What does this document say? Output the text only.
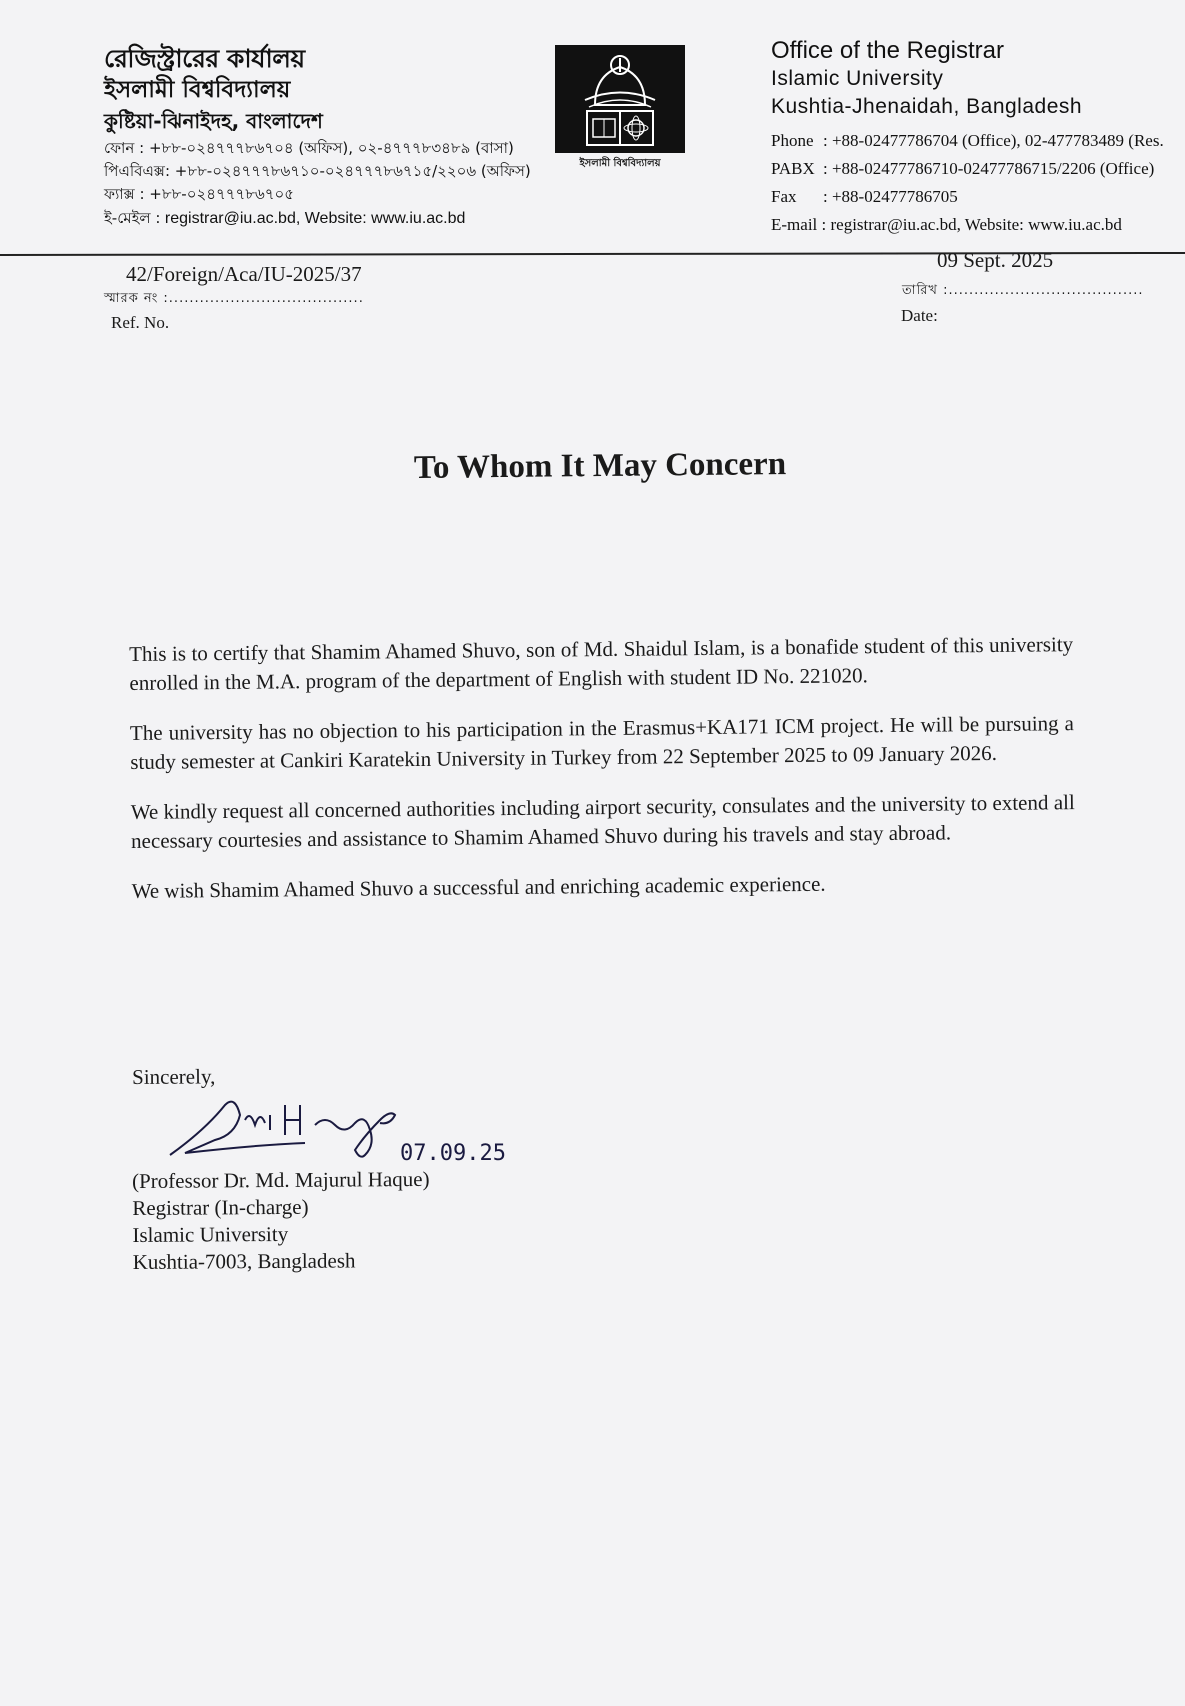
রেজিস্ট্রারের কার্যালয়
ইসলামী বিশ্ববিদ্যালয়
কুষ্টিয়া-ঝিনাইদহ, বাংলাদেশ
ফোন : +৮৮-০২৪৭৭৭৮৬৭০৪ (অফিস), ০২-৪৭৭৭৮৩৪৮৯ (বাসা)
পিএবিএক্স: +৮৮-০২৪৭৭৭৮৬৭১০-০২৪৭৭৭৮৬৭১৫/২২০৬ (অফিস)
ফ্যাক্স : +৮৮-০২৪৭৭৭৮৬৭০৫
ই-মেইল : registrar@iu.ac.bd, Website: www.iu.ac.bd
ইসলামী বিশ্ববিদ্যালয়
Office of the Registrar
Islamic University
Kushtia-Jhenaidah, Bangladesh
Phone : +88-02477786704 (Office), 02-477783489 (Res.
PABX : +88-02477786710-02477786715/2206 (Office)
Fax : +88-02477786705
E-mail : registrar@iu.ac.bd, Website: www.iu.ac.bd
42/Foreign/Aca/IU-2025/37
স্মারক নং :......................................
Ref. No.
09 Sept. 2025
তারিখ :......................................
Date:
To Whom It May Concern

This is to certify that Shamim Ahamed Shuvo, son of Md. Shaidul Islam, is a bonafide student of this university enrolled in the M.A. program of the department of English with student ID No. 221020.

The university has no objection to his participation in the Erasmus+KA171 ICM project. He will be pursuing a study semester at Cankiri Karatekin University in Turkey from 22 September 2025 to 09 January 2026.

We kindly request all concerned authorities including airport security, consulates and the university to extend all necessary courtesies and assistance to Shamim Ahamed Shuvo during his travels and stay abroad.

We wish Shamim Ahamed Shuvo a successful and enriching academic experience.

Sincerely,
07.09.25
(Professor Dr. Md. Majurul Haque)
Registrar (In-charge)
Islamic University
Kushtia-7003, Bangladesh
